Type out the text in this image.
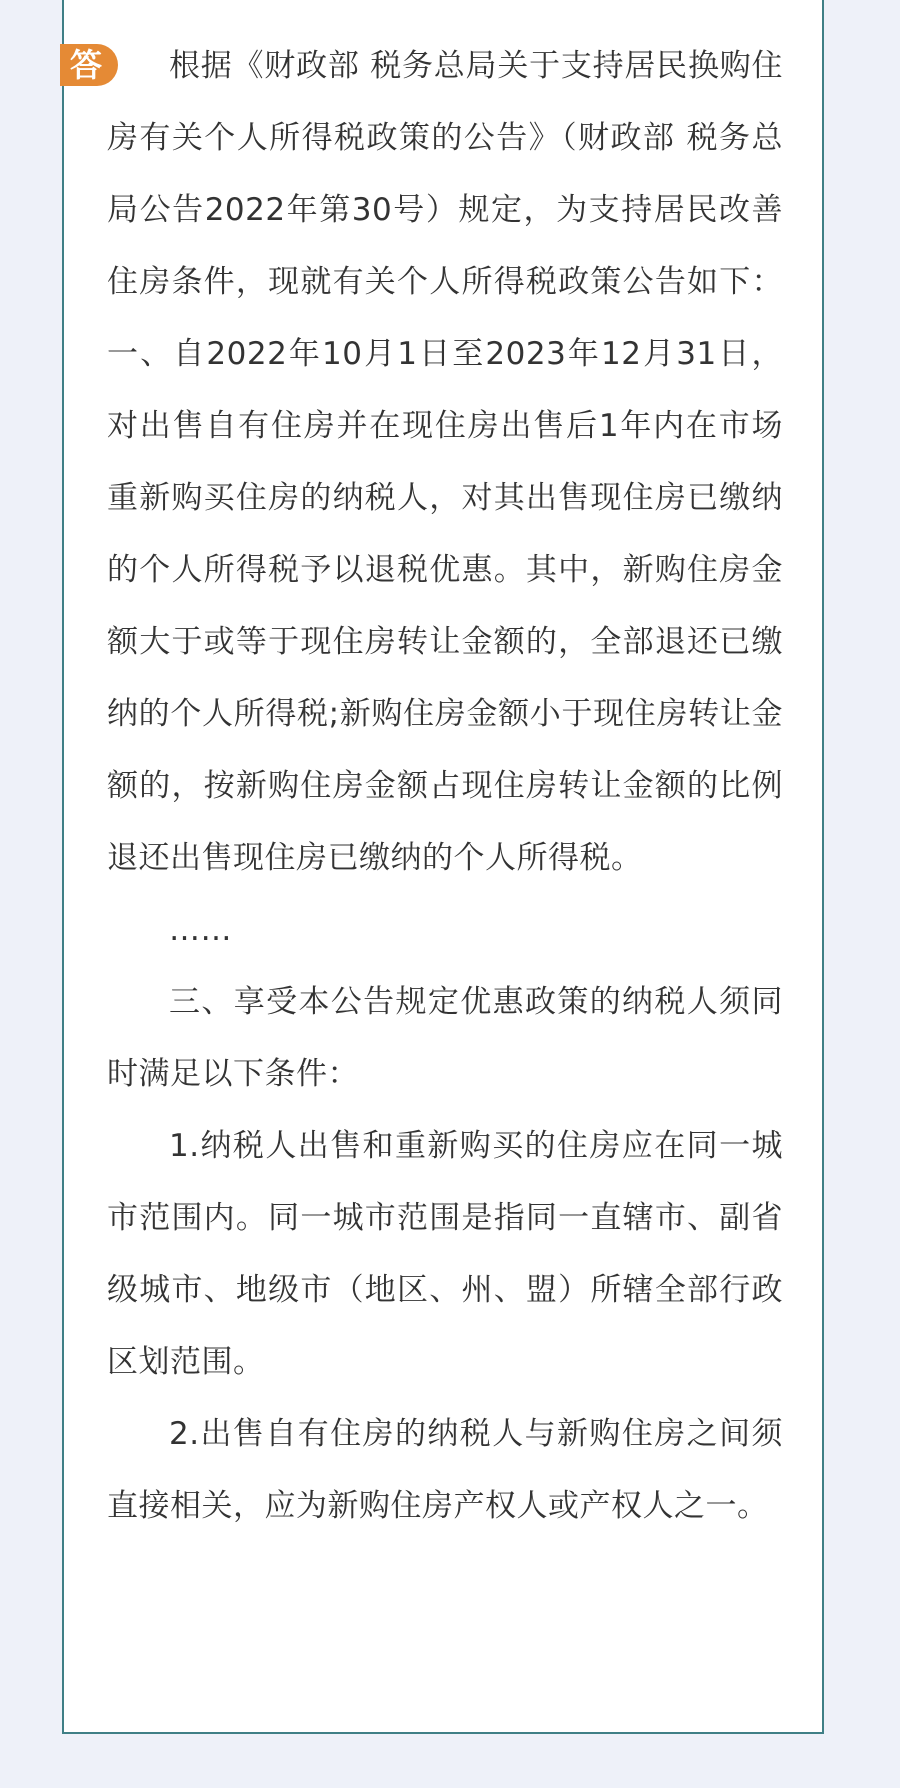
答	根据《财政部 税务总局关于支持居民换购住房有关个人所得税政策的公告》（财政部 税务总局公告2022年第30号）规定，为支持居民改善住房条件，现就有关个人所得税政策公告如下：一、自2022年10月1日至2023年12月31日，对出售自有住房并在现住房出售后1年内在市场重新购买住房的纳税人，对其出售现住房已缴纳的个人所得税予以退税优惠。其中，新购住房金额大于或等于现住房转让金额的，全部退还已缴纳的个人所得税;新购住房金额小于现住房转让金额的，按新购住房金额占现住房转让金额的比例退还出售现住房已缴纳的个人所得税。

……

三、享受本公告规定优惠政策的纳税人须同时满足以下条件：

1.纳税人出售和重新购买的住房应在同一城市范围内。同一城市范围是指同一直辖市、副省级城市、地级市（地区、州、盟）所辖全部行政区划范围。

2.出售自有住房的纳税人与新购住房之间须直接相关，应为新购住房产权人或产权人之一。
